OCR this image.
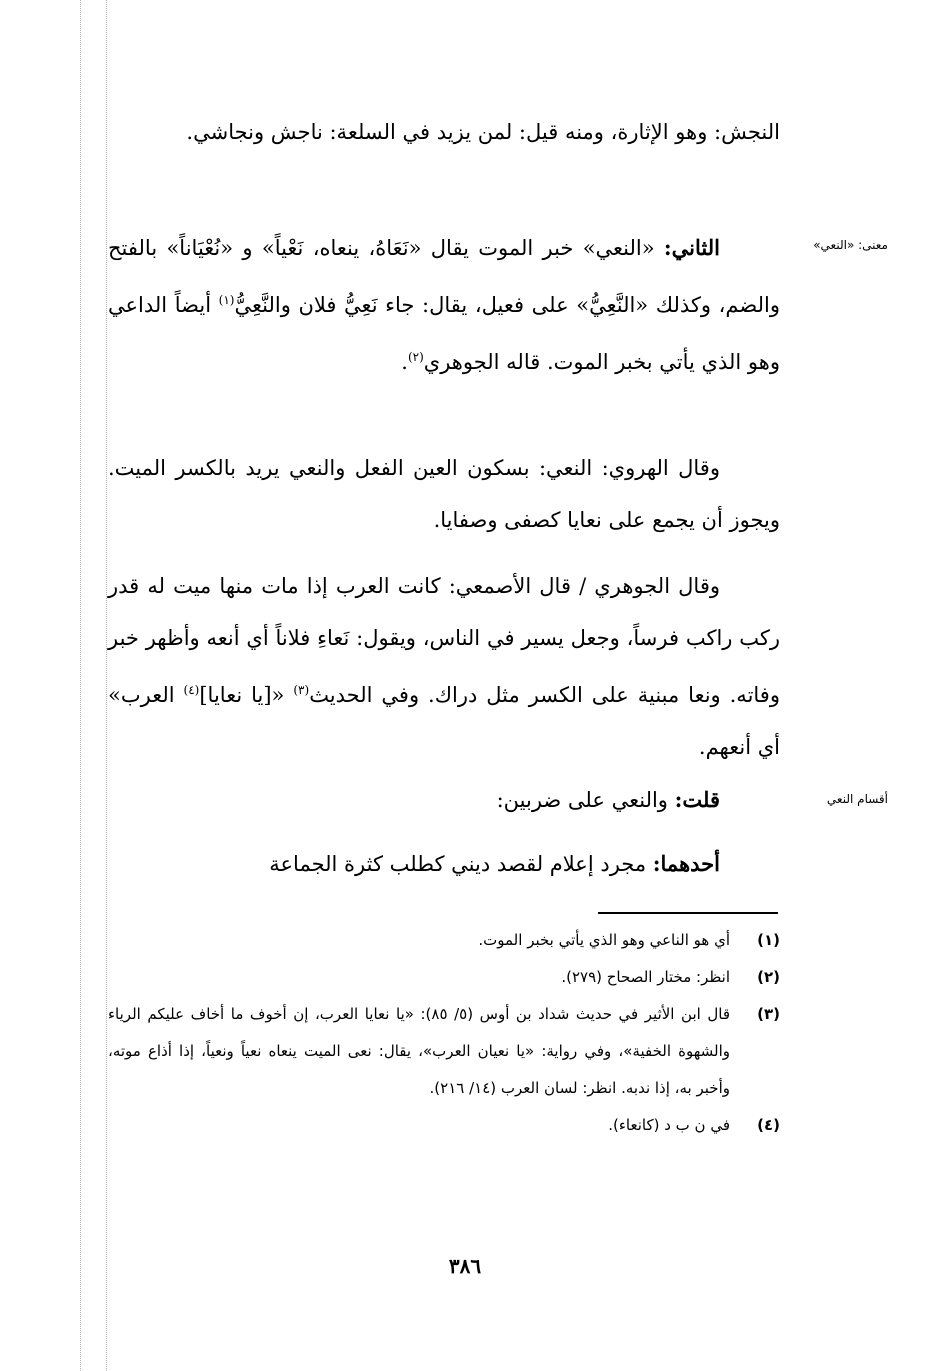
النجش: وهو الإثارة، ومنه قيل: لمن يزيد في السلعة: ناجش ونجاشي.

معنى: «النعي»

الثاني: «النعي» خبر الموت يقال «نَعَاهُ، ينعاه، نَعْياً» و «نُعْيَاناً» بالفتح والضم، وكذلك «النَّعِيُّ» على فعيل، يقال: جاء نَعِيُّ فلان والنَّعِيُّ$^{(١)}$ أيضاً الداعي وهو الذي يأتي بخبر الموت. قاله الجوهري$^{(٢)}$.

وقال الهروي: النعي: بسكون العين الفعل والنعي يريد بالكسر الميت. ويجوز أن يجمع على نعايا كصفى وصفايا.

وقال الجوهري / قال الأصمعي: كانت العرب إذا مات منها ميت له قدر ركب راكب فرساً، وجعل يسير في الناس، ويقول: نَعاءِ فلاناً أي أنعه وأظهر خبر وفاته. ونعا مبنية على الكسر مثل دراك. وفي الحديث$^{(٣)}$ «[يا نعايا]$^{(٤)}$ العرب» أي أنعهم.

أقسام النعي

قلت: والنعي على ضربين:

أحدهما: مجرد إعلام لقصد ديني كطلب كثرة الجماعة

(١)
أي هو الناعي وهو الذي يأتي بخبر الموت.
(٢)
انظر: مختار الصحاح (٢٧٩).
(٣)
قال ابن الأثير في حديث شداد بن أوس (٥/ ٨٥): «يا نعايا العرب، إن أخوف ما أخاف عليكم الرياء والشهوة الخفية»، وفي رواية: «يا نعيان العرب»، يقال: نعى الميت ينعاه نعياً ونعياً، إذا أذاع موته، وأخبر به، إذا ندبه. انظر: لسان العرب (١٤/ ٢١٦).
(٤)
في ن ب د (كانعاء).
٣٨٦
